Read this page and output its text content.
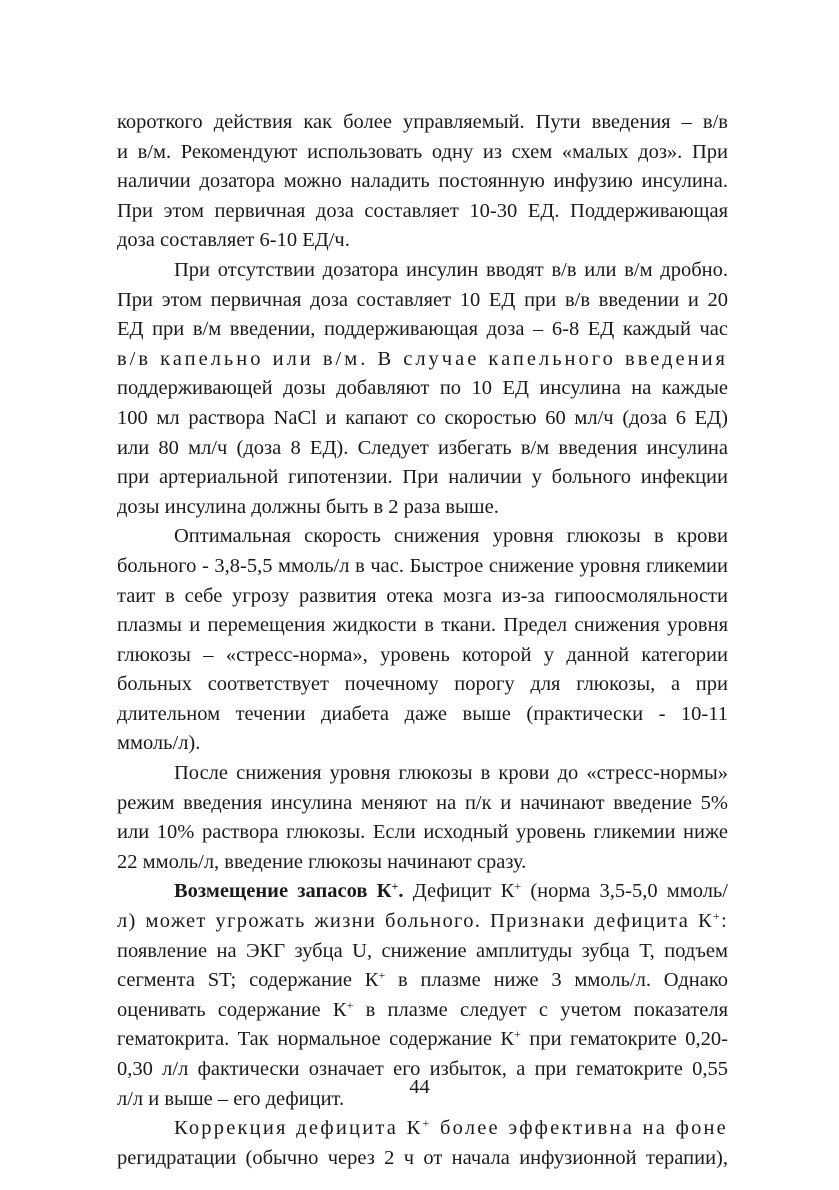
короткого действия как более управляемый. Пути введения – в/в
и в/м. Рекомендуют использовать одну из схем «малых доз». При
наличии дозатора можно наладить постоянную инфузию инсулина.
При этом первичная доза составляет 10-30 ЕД. Поддерживающая
доза составляет 6-10 ЕД/ч.

При отсутствии дозатора инсулин вводят в/в или в/м дробно.
При этом первичная доза составляет 10 ЕД при в/в введении и 20
ЕД при в/м введении, поддерживающая доза – 6-8 ЕД каждый час
в/в капельно или в/м. В случае капельного введения
поддерживающей дозы добавляют по 10 ЕД инсулина на каждые
100 мл раствора NaCl и капают со скоростью 60 мл/ч (доза 6 ЕД)
или 80 мл/ч (доза 8 ЕД). Следует избегать в/м введения инсулина
при артериальной гипотензии. При наличии у больного инфекции
дозы инсулина должны быть в 2 раза выше.

Оптимальная скорость снижения уровня глюкозы в крови
больного - 3,8-5,5 ммоль/л в час. Быстрое снижение уровня гликемии
таит в себе угрозу развития отека мозга из-за гипоосмоляльности
плазмы и перемещения жидкости в ткани. Предел снижения уровня
глюкозы – «стресс-норма», уровень которой у данной категории
больных соответствует почечному порогу для глюкозы, а при
длительном течении диабета даже выше (практически - 10-11
ммоль/л).

После снижения уровня глюкозы в крови до «стресс-нормы»
режим введения инсулина меняют на п/к и начинают введение 5%
или 10% раствора глюкозы. Если исходный уровень гликемии ниже
22 ммоль/л, введение глюкозы начинают сразу.

Возмещение запасов К+. Дефицит К+ (норма 3,5-5,0 ммоль/
л) может угрожать жизни больного. Признаки дефицита К+:
появление на ЭКГ зубца U, снижение амплитуды зубца Т, подъем
сегмента ST; содержание К+ в плазме ниже 3 ммоль/л. Однако
оценивать содержание К+ в плазме следует с учетом показателя
гематокрита. Так нормальное содержание К+ при гематокрите 0,20-
0,30 л/л фактически означает его избыток, а при гематокрите 0,55
л/л и выше – его дефицит.

Коррекция дефицита К+ более эффективна на фоне
регидратации (обычно через 2 ч от начала инфузионной терапии),

44
